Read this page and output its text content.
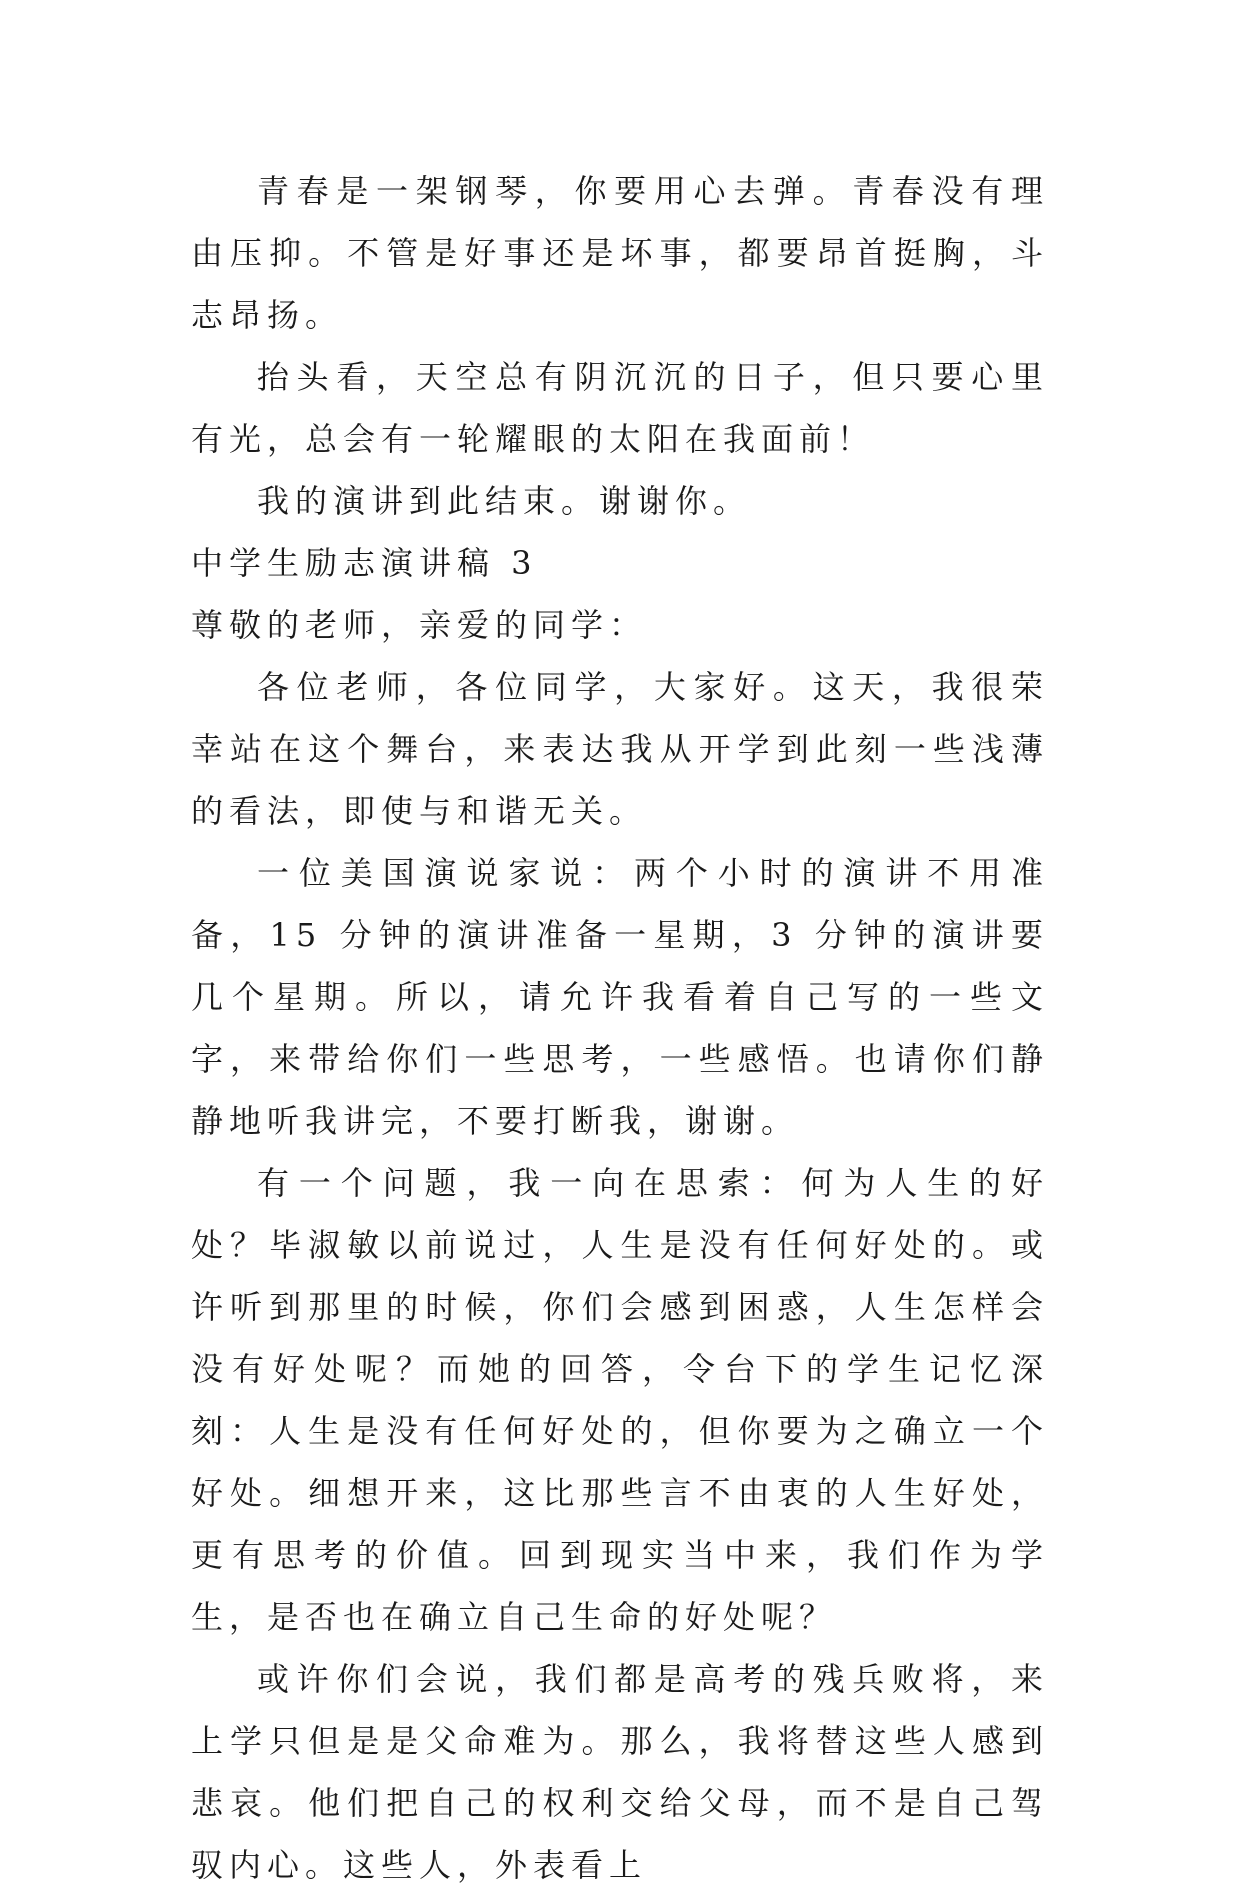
青春是一架钢琴，你要用心去弹。青春没有理由压抑。不管是好事还是坏事，都要昂首挺胸，斗志昂扬。

抬头看，天空总有阴沉沉的日子，但只要心里有光，总会有一轮耀眼的太阳在我面前！

我的演讲到此结束。谢谢你。

中学生励志演讲稿 3

尊敬的老师，亲爱的同学：

各位老师，各位同学，大家好。这天，我很荣幸站在这个舞台，来表达我从开学到此刻一些浅薄的看法，即使与和谐无关。

一位美国演说家说：两个小时的演讲不用准备，15 分钟的演讲准备一星期，3 分钟的演讲要几个星期。所以，请允许我看着自己写的一些文字，来带给你们一些思考，一些感悟。也请你们静静地听我讲完，不要打断我，谢谢。

有一个问题，我一向在思索：何为人生的好处？毕淑敏以前说过，人生是没有任何好处的。或许听到那里的时候，你们会感到困惑，人生怎样会没有好处呢？而她的回答，令台下的学生记忆深刻：人生是没有任何好处的，但你要为之确立一个好处。细想开来，这比那些言不由衷的人生好处，更有思考的价值。回到现实当中来，我们作为学生，是否也在确立自己生命的好处呢？

或许你们会说，我们都是高考的残兵败将，来上学只但是是父命难为。那么，我将替这些人感到悲哀。他们把自己的权利交给父母，而不是自己驾驭内心。这些人，外表看上
